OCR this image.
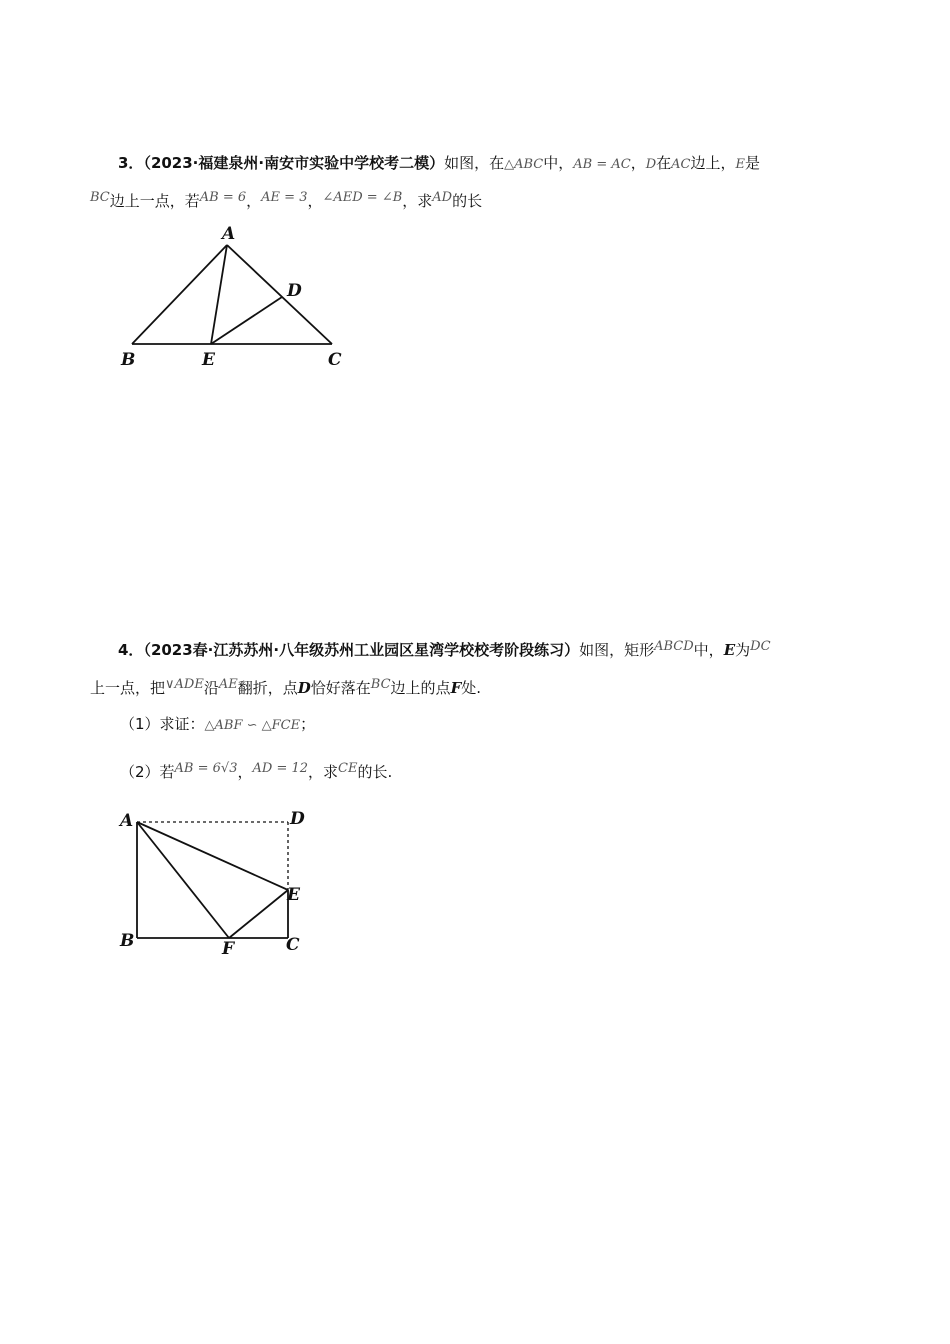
3．（2023·福建泉州·南安市实验中学校考二模）如图，在△ABC中，AB = AC，D在AC边上，E是
BC边上一点，若AB = 6，AE = 3，∠AED = ∠B，求AD的长
A
B	C
D
E
4．（2023春·江苏苏州·八年级苏州工业园区星湾学校校考阶段练习）如图，矩形ABCD中，E为DC
上一点，把∨ADE沿AE翻折，点D恰好落在BC边上的点F处.
（1）求证：△ABF ∽ △FCE；
（2）若AB = 6√3，AD = 12，求CE的长.
A
B	C
D
E
F
